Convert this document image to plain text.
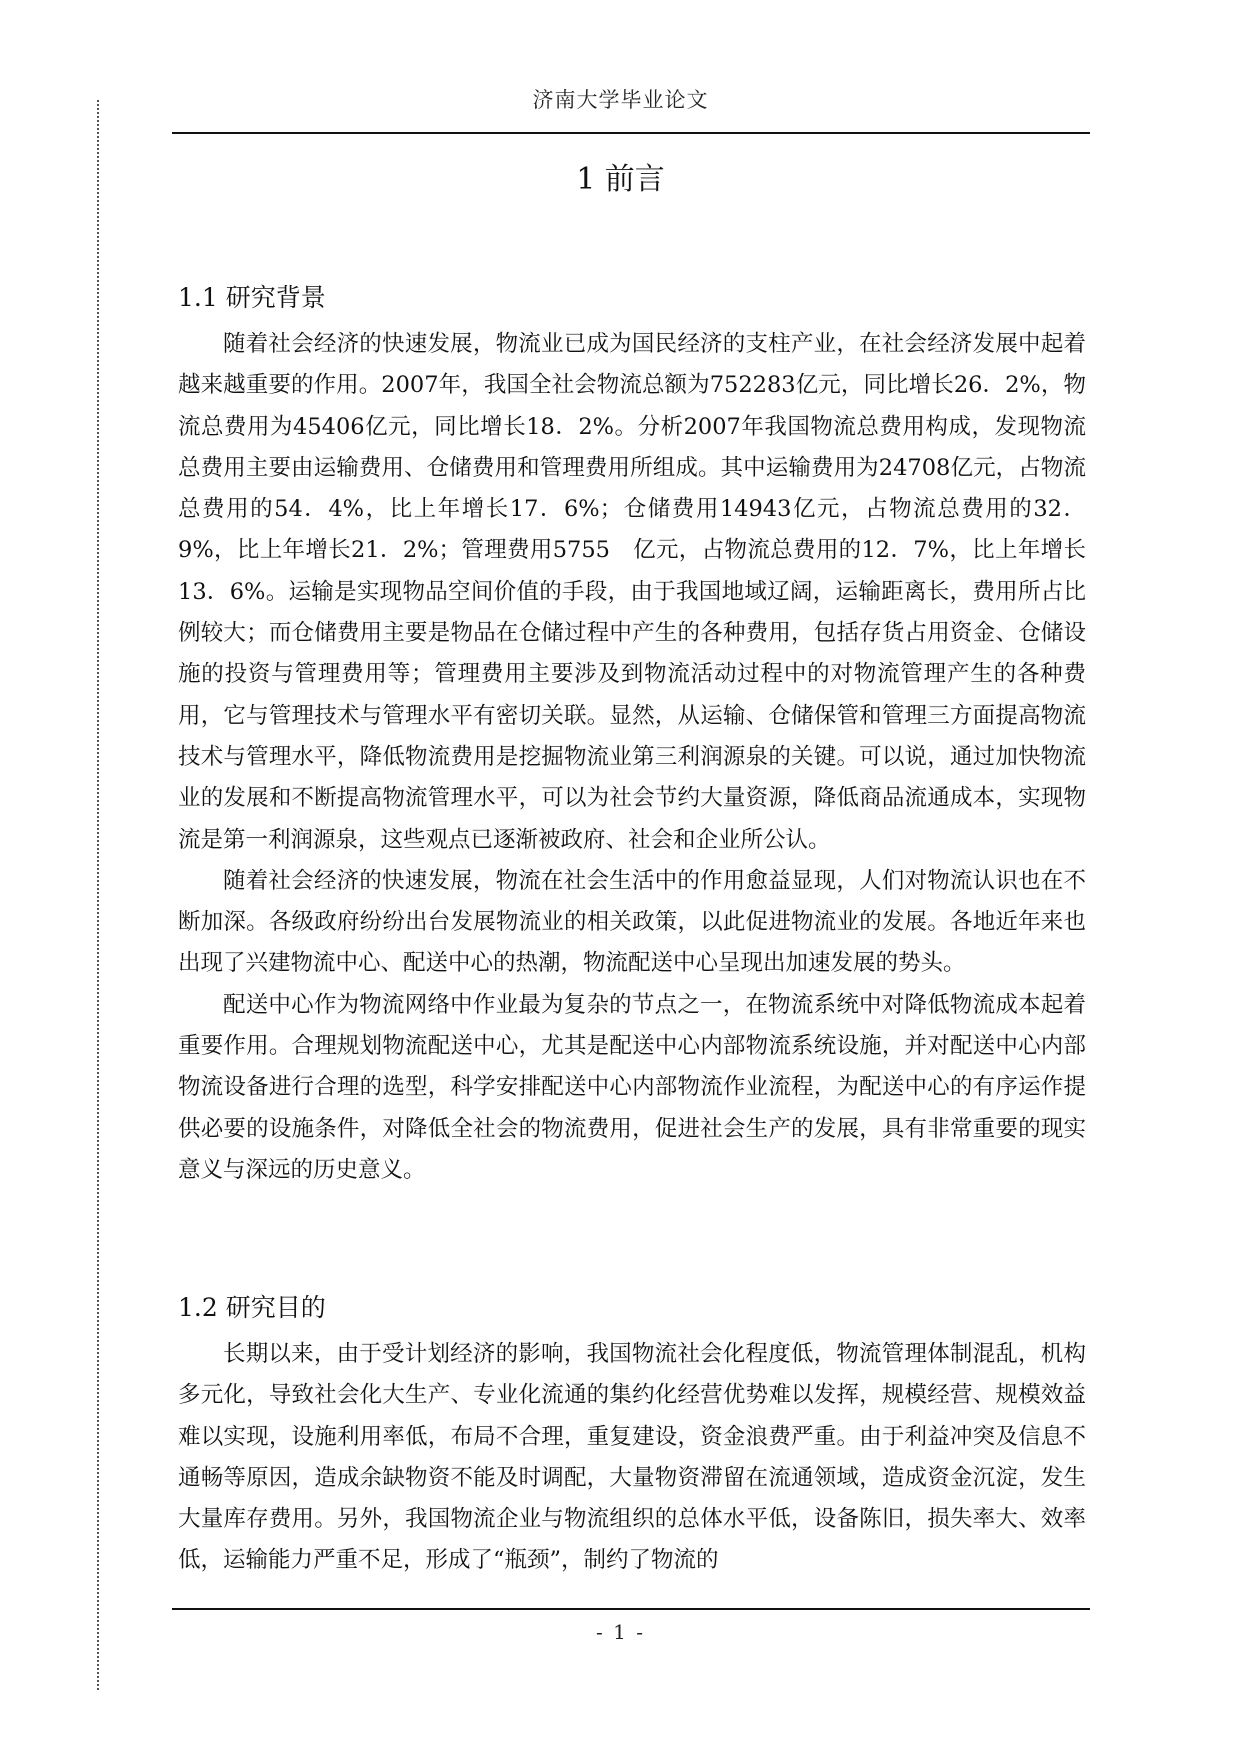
济南大学毕业论文
1 前言
1.1 研究背景

随着社会经济的快速发展，物流业已成为国民经济的支柱产业，在社会经济发展中起着越来越重要的作用。2007年，我国全社会物流总额为752283亿元，同比增长26．2%，物流总费用为45406亿元，同比增长18．2%。分析2007年我国物流总费用构成，发现物流总费用主要由运输费用、仓储费用和管理费用所组成。其中运输费用为24708亿元，占物流总费用的54．4%，比上年增长17．6%；仓储费用14943亿元，占物流总费用的32．9%，比上年增长21．2%；管理费用5755　亿元，占物流总费用的12．7%，比上年增长13．6%。运输是实现物品空间价值的手段，由于我国地域辽阔，运输距离长，费用所占比例较大；而仓储费用主要是物品在仓储过程中产生的各种费用，包括存货占用资金、仓储设施的投资与管理费用等；管理费用主要涉及到物流活动过程中的对物流管理产生的各种费用，它与管理技术与管理水平有密切关联。显然，从运输、仓储保管和管理三方面提高物流技术与管理水平，降低物流费用是挖掘物流业第三利润源泉的关键。可以说，通过加快物流业的发展和不断提高物流管理水平，可以为社会节约大量资源，降低商品流通成本，实现物流是第一利润源泉，这些观点已逐渐被政府、社会和企业所公认。

随着社会经济的快速发展，物流在社会生活中的作用愈益显现，人们对物流认识也在不断加深。各级政府纷纷出台发展物流业的相关政策，以此促进物流业的发展。各地近年来也出现了兴建物流中心、配送中心的热潮，物流配送中心呈现出加速发展的势头。

配送中心作为物流网络中作业最为复杂的节点之一，在物流系统中对降低物流成本起着重要作用。合理规划物流配送中心，尤其是配送中心内部物流系统设施，并对配送中心内部物流设备进行合理的选型，科学安排配送中心内部物流作业流程，为配送中心的有序运作提供必要的设施条件，对降低全社会的物流费用，促进社会生产的发展，具有非常重要的现实意义与深远的历史意义。

1.2 研究目的

长期以来，由于受计划经济的影响，我国物流社会化程度低，物流管理体制混乱，机构多元化，导致社会化大生产、专业化流通的集约化经营优势难以发挥，规模经营、规模效益难以实现，设施利用率低，布局不合理，重复建设，资金浪费严重。由于利益冲突及信息不通畅等原因，造成余缺物资不能及时调配，大量物资滞留在流通领域，造成资金沉淀，发生大量库存费用。另外，我国物流企业与物流组织的总体水平低，设备陈旧，损失率大、效率低，运输能力严重不足，形成了“瓶颈”，制约了物流的

- 1 -
